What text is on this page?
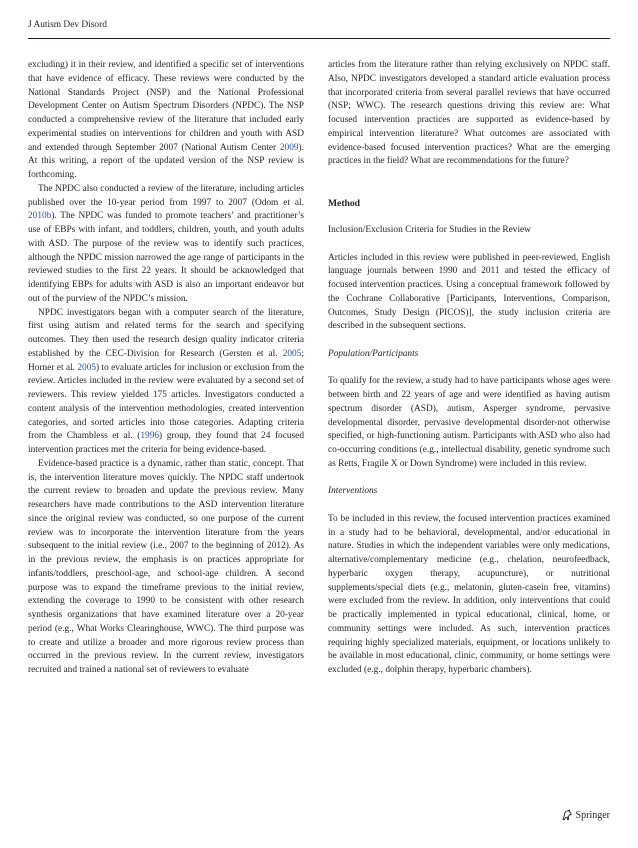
J Autism Dev Disord

excluding) it in their review, and identified a specific set of interventions that have evidence of efficacy. These reviews were conducted by the National Standards Project (NSP) and the National Professional Development Center on Autism Spectrum Disorders (NPDC). The NSP conducted a comprehensive review of the literature that included early experimental studies on interventions for children and youth with ASD and extended through September 2007 (National Autism Center 2009). At this writing, a report of the updated version of the NSP review is forthcoming.

The NPDC also conducted a review of the literature, including articles published over the 10-year period from 1997 to 2007 (Odom et al. 2010b). The NPDC was funded to promote teachers’ and practitioner’s use of EBPs with infant, and toddlers, children, youth, and youth adults with ASD. The purpose of the review was to identify such practices, although the NPDC mission narrowed the age range of participants in the reviewed studies to the first 22 years. It should be acknowledged that identifying EBPs for adults with ASD is also an important endeavor but out of the purview of the NPDC’s mission.

NPDC investigators began with a computer search of the literature, first using autism and related terms for the search and specifying outcomes. They then used the research design quality indicator criteria established by the CEC-Division for Research (Gersten et al. 2005; Horner et al. 2005) to evaluate articles for inclusion or exclusion from the review. Articles included in the review were evaluated by a second set of reviewers. This review yielded 175 articles. Investigators conducted a content analysis of the intervention methodologies, created intervention categories, and sorted articles into those categories. Adapting criteria from the Chambless et al. (1996) group, they found that 24 focused intervention practices met the criteria for being evidence-based.

Evidence-based practice is a dynamic, rather than static, concept. That is, the intervention literature moves quickly. The NPDC staff undertook the current review to broaden and update the previous review. Many researchers have made contributions to the ASD intervention literature since the original review was conducted, so one purpose of the current review was to incorporate the intervention literature from the years subsequent to the initial review (i.e., 2007 to the beginning of 2012). As in the previous review, the emphasis is on practices appropriate for infants/toddlers, preschool-age, and school-age children. A second purpose was to expand the timeframe previous to the initial review, extending the coverage to 1990 to be consistent with other research synthesis organizations that have examined literature over a 20-year period (e.g., What Works Clearinghouse, WWC). The third purpose was to create and utilize a broader and more rigorous review process than occurred in the previous review. In the current review, investigators recruited and trained a national set of reviewers to evaluate

articles from the literature rather than relying exclusively on NPDC staff. Also, NPDC investigators developed a standard article evaluation process that incorporated criteria from several parallel reviews that have occurred (NSP; WWC). The research questions driving this review are: What focused intervention practices are supported as evidence-based by empirical intervention literature? What outcomes are associated with evidence-based focused intervention practices? What are the emerging practices in the field? What are recommendations for the future?

Method
Inclusion/Exclusion Criteria for Studies in the Review

Articles included in this review were published in peer-reviewed, English language journals between 1990 and 2011 and tested the efficacy of focused intervention practices. Using a conceptual framework followed by the Cochrane Collaborative [Participants, Interventions, Comparison, Outcomes, Study Design (PICOS)], the study inclusion criteria are described in the subsequent sections.

Population/Participants

To qualify for the review, a study had to have participants whose ages were between birth and 22 years of age and were identified as having autism spectrum disorder (ASD), autism, Asperger syndrome, pervasive developmental disorder, pervasive developmental disorder-not otherwise specified, or high-functioning autism. Participants with ASD who also had co-occurring conditions (e.g., intellectual disability, genetic syndrome such as Retts, Fragile X or Down Syndrome) were included in this review.

Interventions

To be included in this review, the focused intervention practices examined in a study had to be behavioral, developmental, and/or educational in nature. Studies in which the independent variables were only medications, alternative/complementary medicine (e.g., chelation, neurofeedback, hyperbaric oxygen therapy, acupuncture), or nutritional supplements/special diets (e.g., melatonin, gluten-casein free, vitamins) were excluded from the review. In addition, only interventions that could be practically implemented in typical educational, clinical, home, or community settings were included. As such, intervention practices requiring highly specialized materials, equipment, or locations unlikely to be available in most educational, clinic, community, or home settings were excluded (e.g., dolphin therapy, hyperbaric chambers).

Springer
